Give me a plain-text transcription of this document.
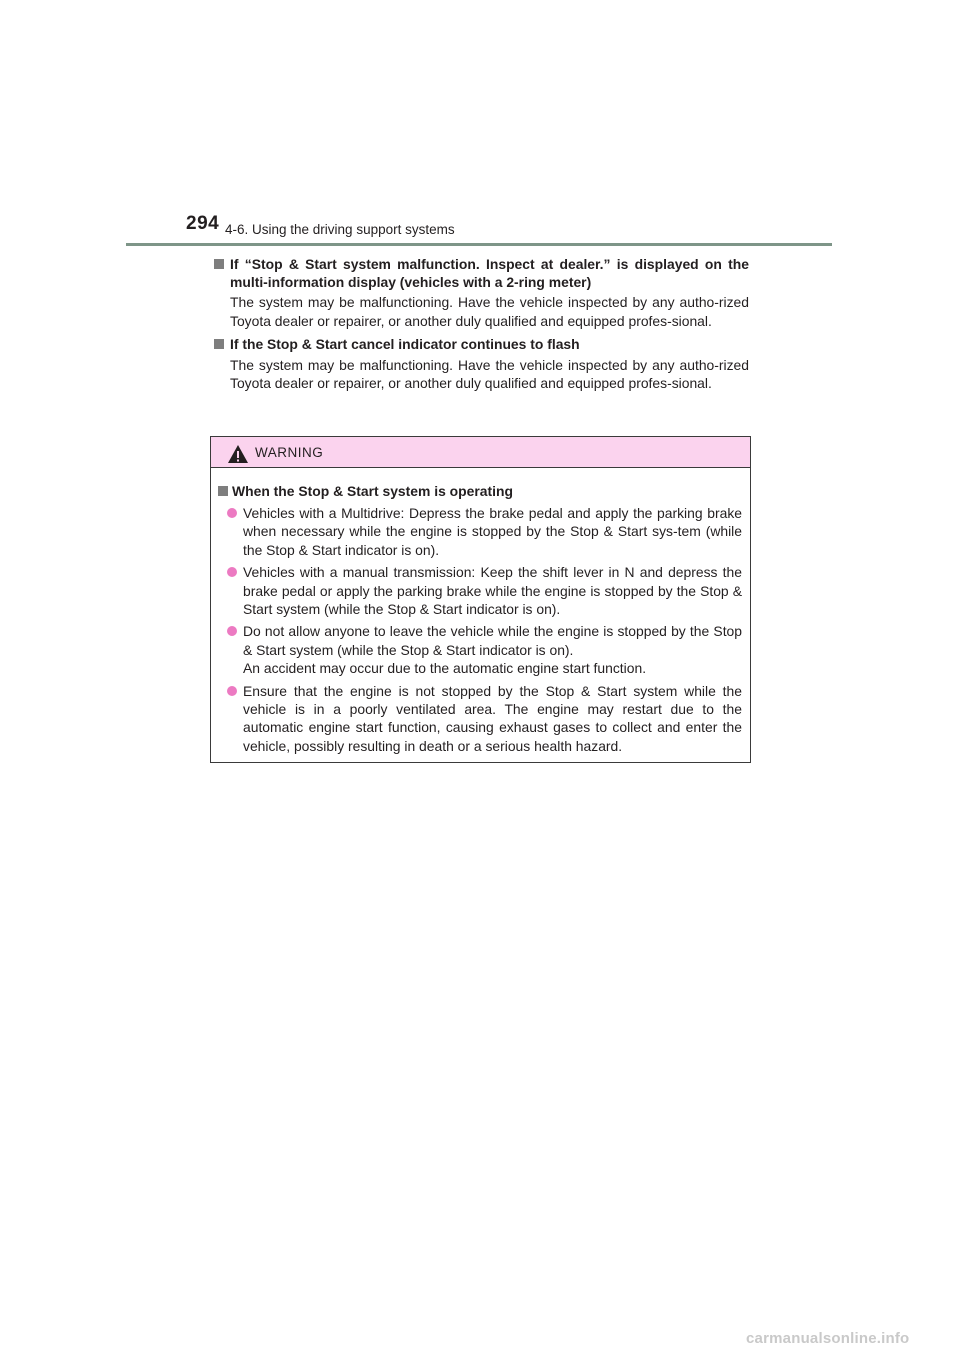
294 4-6. Using the driving support systems
If “Stop & Start system malfunction. Inspect at dealer.” is displayed on the multi-information display (vehicles with a 2-ring meter)
The system may be malfunctioning. Have the vehicle inspected by any autho-rized Toyota dealer or repairer, or another duly qualified and equipped profes-sional.
If the Stop & Start cancel indicator continues to flash
The system may be malfunctioning. Have the vehicle inspected by any autho-rized Toyota dealer or repairer, or another duly qualified and equipped profes-sional.
WARNING
When the Stop & Start system is operating
Vehicles with a Multidrive: Depress the brake pedal and apply the parking brake when necessary while the engine is stopped by the Stop & Start sys-tem (while the Stop & Start indicator is on).
Vehicles with a manual transmission: Keep the shift lever in N and depress the brake pedal or apply the parking brake while the engine is stopped by the Stop & Start system (while the Stop & Start indicator is on).
Do not allow anyone to leave the vehicle while the engine is stopped by the Stop & Start system (while the Stop & Start indicator is on).
An accident may occur due to the automatic engine start function.
Ensure that the engine is not stopped by the Stop & Start system while the vehicle is in a poorly ventilated area. The engine may restart due to the automatic engine start function, causing exhaust gases to collect and enter the vehicle, possibly resulting in death or a serious health hazard.
carmanualsonline.info
